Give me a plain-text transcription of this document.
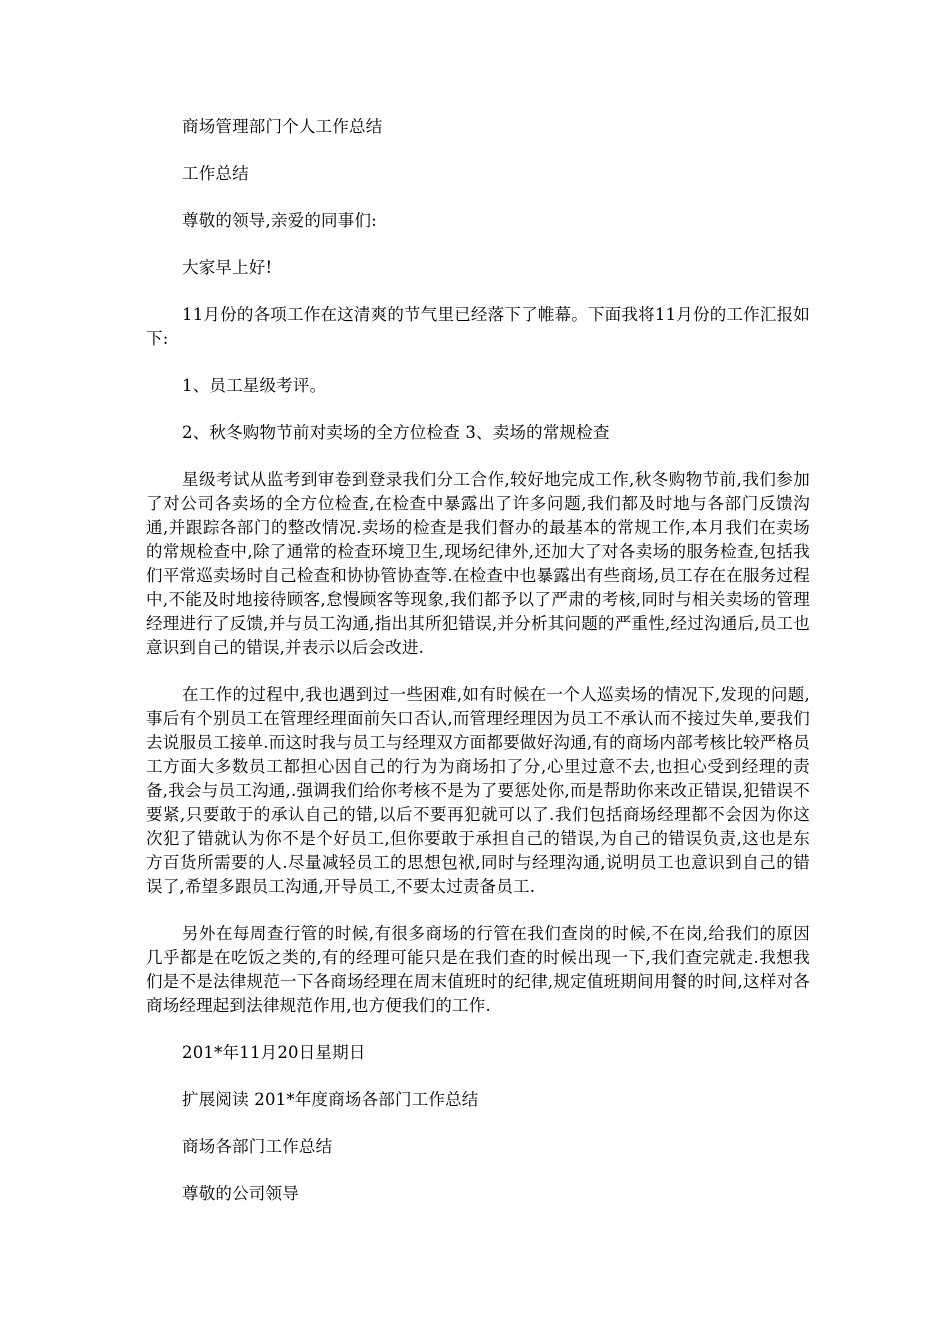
商场管理部门个人工作总结

工作总结

尊敬的领导,亲爱的同事们:

大家早上好!

11月份的各项工作在这清爽的节气里已经落下了帷幕。下面我将11月份的工作汇报如下:

1、员工星级考评。

2、秋冬购物节前对卖场的全方位检查 3、卖场的常规检查

星级考试从监考到审卷到登录我们分工合作,较好地完成工作,秋冬购物节前,我们参加了对公司各卖场的全方位检查,在检查中暴露出了许多问题,我们都及时地与各部门反馈沟通,并跟踪各部门的整改情况.卖场的检查是我们督办的最基本的常规工作,本月我们在卖场的常规检查中,除了通常的检查环境卫生,现场纪律外,还加大了对各卖场的服务检查,包括我们平常巡卖场时自己检查和协协管协查等.在检查中也暴露出有些商场,员工存在在服务过程中,不能及时地接待顾客,怠慢顾客等现象,我们都予以了严肃的考核,同时与相关卖场的管理经理进行了反馈,并与员工沟通,指出其所犯错误,并分析其问题的严重性,经过沟通后,员工也意识到自己的错误,并表示以后会改进.

在工作的过程中,我也遇到过一些困难,如有时候在一个人巡卖场的情况下,发现的问题,事后有个别员工在管理经理面前矢口否认,而管理经理因为员工不承认而不接过失单,要我们去说服员工接单.而这时我与员工与经理双方面都要做好沟通,有的商场内部考核比较严格员工方面大多数员工都担心因自己的行为为商场扣了分,心里过意不去,也担心受到经理的责备,我会与员工沟通,.强调我们给你考核不是为了要惩处你,而是帮助你来改正错误,犯错误不要紧,只要敢于的承认自己的错,以后不要再犯就可以了.我们包括商场经理都不会因为你这次犯了错就认为你不是个好员工,但你要敢于承担自己的错误,为自己的错误负责,这也是东方百货所需要的人.尽量减轻员工的思想包袱,同时与经理沟通,说明员工也意识到自己的错误了,希望多跟员工沟通,开导员工,不要太过责备员工.

另外在每周查行管的时候,有很多商场的行管在我们查岗的时候,不在岗,给我们的原因几乎都是在吃饭之类的,有的经理可能只是在我们查的时候出现一下,我们查完就走.我想我们是不是法律规范一下各商场经理在周末值班时的纪律,规定值班期间用餐的时间,这样对各商场经理起到法律规范作用,也方便我们的工作.

201*年11月20日星期日

扩展阅读 201*年度商场各部门工作总结

商场各部门工作总结

尊敬的公司领导
